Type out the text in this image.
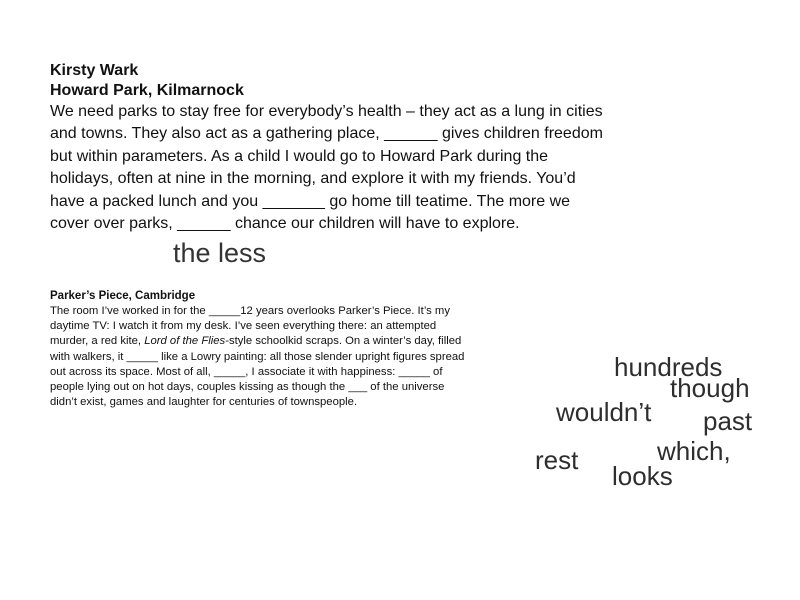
Kirsty Wark
Howard Park, Kilmarnock
We need parks to stay free for everybody’s health – they act as a lung in cities
and towns. They also act as a gathering place, ______ gives children freedom
but within parameters. As a child I would go to Howard Park during the
holidays, often at nine in the morning, and explore it with my friends. You’d
have a packed lunch and you _______ go home till teatime. The more we
cover over parks, ______ chance our children will have to explore.
the less
Parker’s Piece, Cambridge
The room I’ve worked in for the _____12 years overlooks Parker’s Piece. It’s my
daytime TV: I watch it from my desk. I’ve seen everything there: an attempted
murder, a red kite, Lord of the Flies-style schoolkid scraps. On a winter’s day, filled
with walkers, it _____ like a Lowry painting: all those slender upright figures spread
out across its space. Most of all, _____, I associate it with happiness: _____ of
people lying out on hot days, couples kissing as though the ___ of the universe
didn’t exist, games and laughter for centuries of townspeople.
hundreds
though
wouldn’t past
which,
rest
looks
